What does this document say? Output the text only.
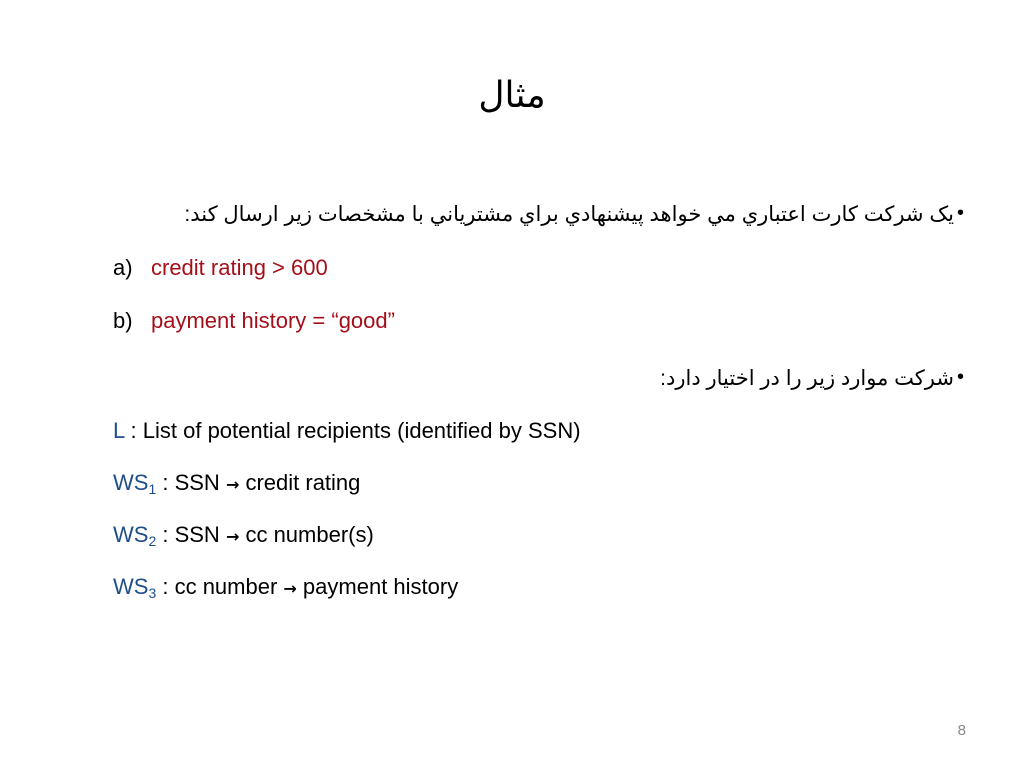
مثال
•
یک شرکت کارت اعتباري مي خواهد پيشنهادي براي مشترياني با مشخصات زير ارسال کند:
a) credit rating > 600
b) payment history = “good”
•
شرکت موارد زير را در اختيار دارد:
L : List of potential recipients (identified by SSN)
$WS_1$ : SSN → credit rating
$WS_2$ : SSN → cc number(s)
$WS_3$ : cc number → payment history
8
